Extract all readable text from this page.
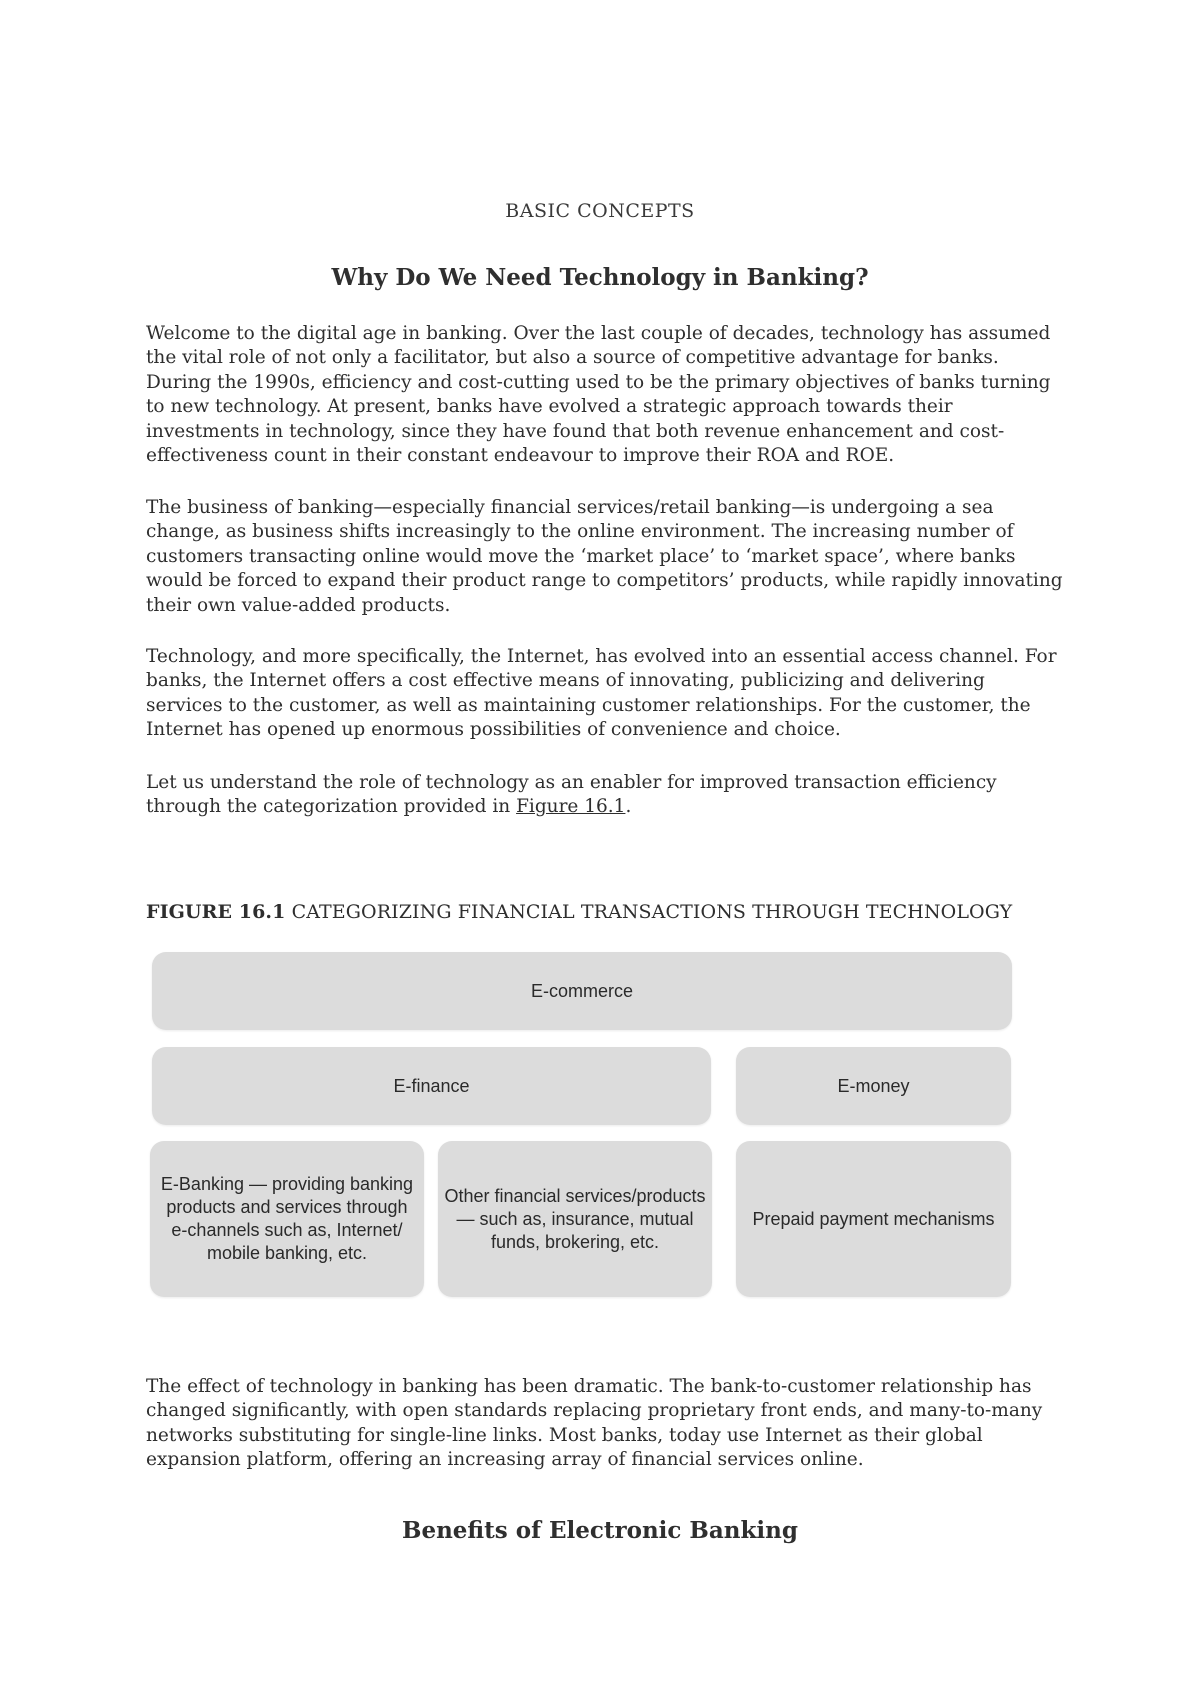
BASIC CONCEPTS
Why Do We Need Technology in Banking?

Welcome to the digital age in banking. Over the last couple of decades, technology has assumed the vital role of not only a facilitator, but also a source of competitive advantage for banks. During the 1990s, efficiency and cost-cutting used to be the primary objectives of banks turning to new technology. At present, banks have evolved a strategic approach towards their investments in technology, since they have found that both revenue enhancement and cost-effectiveness count in their constant endeavour to improve their ROA and ROE.

The business of banking—especially financial services/retail banking—is undergoing a sea change, as business shifts increasingly to the online environment. The increasing number of customers transacting online would move the ‘market place’ to ‘market space’, where banks would be forced to expand their product range to competitors’ products, while rapidly innovating their own value-added products.

Technology, and more specifically, the Internet, has evolved into an essential access channel. For banks, the Internet offers a cost effective means of innovating, publicizing and delivering services to the customer, as well as maintaining customer relationships. For the customer, the Internet has opened up enormous possibilities of convenience and choice.

Let us understand the role of technology as an enabler for improved transaction efficiency through the categorization provided in Figure 16.1.

FIGURE 16.1 CATEGORIZING FINANCIAL TRANSACTIONS THROUGH TECHNOLOGY
E-commerce
E-finance	E-money
E-Banking — providing banking products and services through e-channels such as, Internet/ mobile banking, etc.
Other financial services/products— such as, insurance, mutual funds, brokering, etc.
Prepaid payment mechanisms

The effect of technology in banking has been dramatic. The bank-to-customer relationship has changed significantly, with open standards replacing proprietary front ends, and many-to-many networks substituting for single-line links. Most banks, today use Internet as their global expansion platform, offering an increasing array of financial services online.

Benefits of Electronic Banking
